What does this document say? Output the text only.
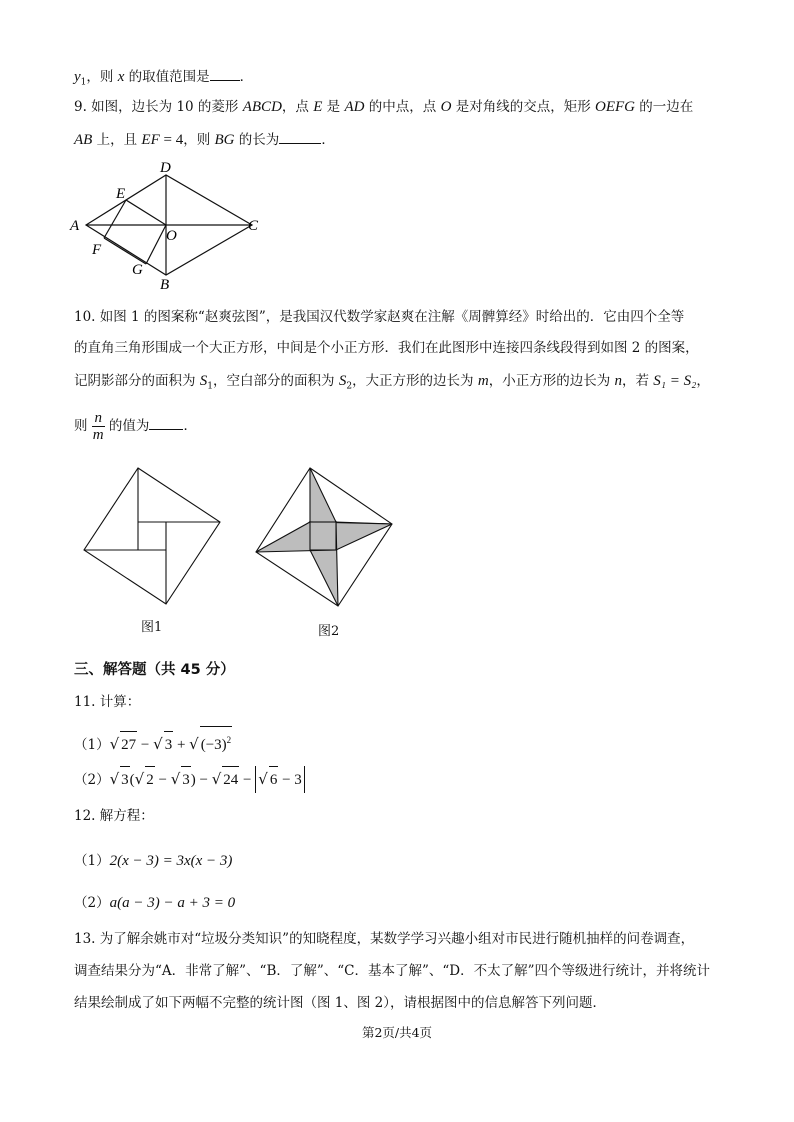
$y_1$，则 x 的取值范围是 ．
9. 如图，边长为 10 的菱形 ABCD，点 E 是 AD 的中点，点 O 是对角线的交点，矩形 OEFG 的一边在
AB 上，且 EF = 4，则 BG 的长为	．
D
E
A
O
C
F
G
B
10. 如图 1 的图案称“赵爽弦图”，是我国汉代数学家赵爽在注解《周髀算经》时给出的．它由四个全等
的直角三角形围成一个大正方形，中间是个小正方形．我们在此图形中连接四条线段得到如图 2 的图案，
记阴影部分的面积为 $S_1$，空白部分的面积为 $S_2$，大正方形的边长为 m，小正方形的边长为 n，若 S₁ = S₂，
则 $\frac{n}{m}$ 的值为	．
图1	图2
三、解答题（共 45 分）
11. 计算：
（1）√ 27 − √ 3 + √ $(-3)^2$
（2）√ 3(√ 2 − √ 3) − √ 24 − √ 6 − 3
12. 解方程：
（1）2(x − 3) = 3x(x − 3)
（2）a(a − 3) − a + 3 = 0
13. 为了解余姚市对“垃圾分类知识”的知晓程度，某数学学习兴趣小组对市民进行随机抽样的问卷调查，
调查结果分为“A．非常了解”、“B．了解”、“C．基本了解”、“D．不太了解”四个等级进行统计，并将统计
结果绘制成了如下两幅不完整的统计图（图 1、图 2），请根据图中的信息解答下列问题．
第2页/共4页
